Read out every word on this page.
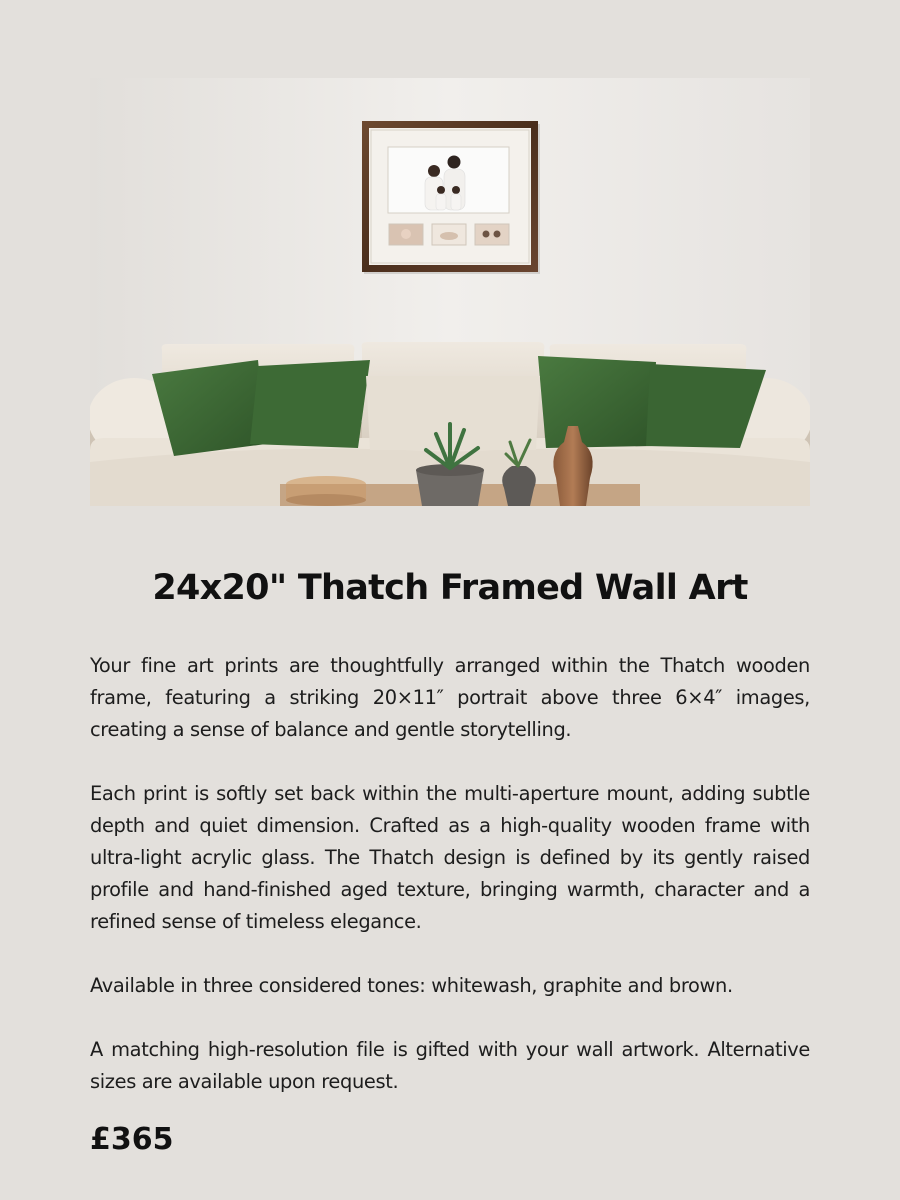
24x20" Thatch Framed Wall Art

Your fine art prints are thoughtfully arranged within the Thatch wooden frame, featuring a striking 20×11″ portrait above three 6×4″ images, creating a sense of balance and gentle storytelling.

Each print is softly set back within the multi-aperture mount, adding subtle depth and quiet dimension. Crafted as a high-quality wooden frame with ultra-light acrylic glass. The Thatch design is defined by its gently raised profile and hand-finished aged texture, bringing warmth, character and a refined sense of timeless elegance.

Available in three considered tones: whitewash, graphite and brown.

A matching high-resolution file is gifted with your wall artwork. Alternative sizes are available upon request.

£365
